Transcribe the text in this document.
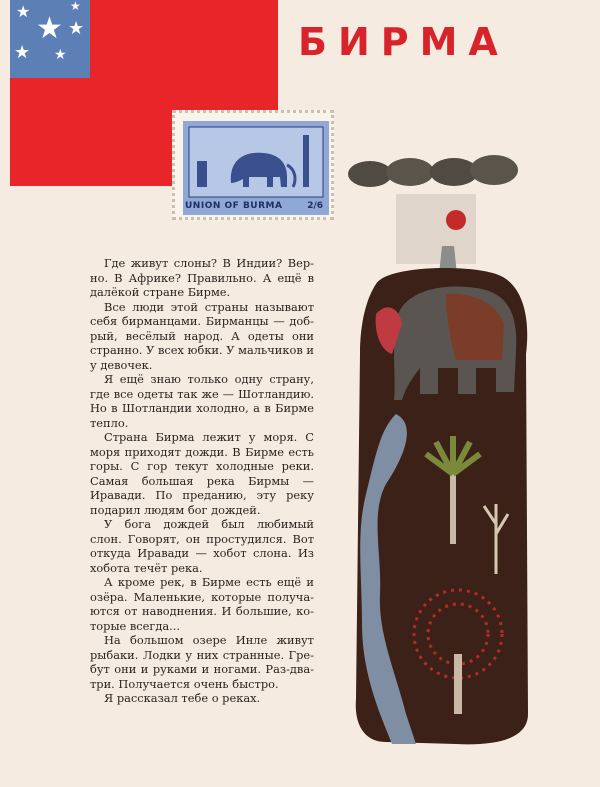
★
★
★
★ ★
★
БИРМА
UNION OF BURMA	2/6

Где живут слоны? В Индии? Верно. В Африке? Правильно. А ещё в далёкой стране Бирме.

Все люди этой страны называют себя бирманцами. Бирманцы — добрый, весёлый народ. А одеты они странно. У всех юбки. У мальчиков и у девочек.

Я ещё знаю только одну страну, где все одеты так же — Шотландию. Но в Шотландии холодно, а в Бирме тепло.

Страна Бирма лежит у моря. С моря приходят дожди. В Бирме есть горы. С гор текут холодные реки. Самая большая река Бирмы — Иравади. По преданию, эту реку подарил людям бог дождей.

У бога дождей был любимый слон. Говорят, он простудился. Вот откуда Иравади — хобот слона. Из хобота течёт река.

А кроме рек, в Бирме есть ещё и озёра. Маленькие, которые получаются от наводнения. И большие, которые всегда...

На большом озере Инле живут рыбаки. Лодки у них странные. Гребут они и руками и ногами. Раз-дватри. Получается очень быстро.

Я рассказал тебе о реках.
